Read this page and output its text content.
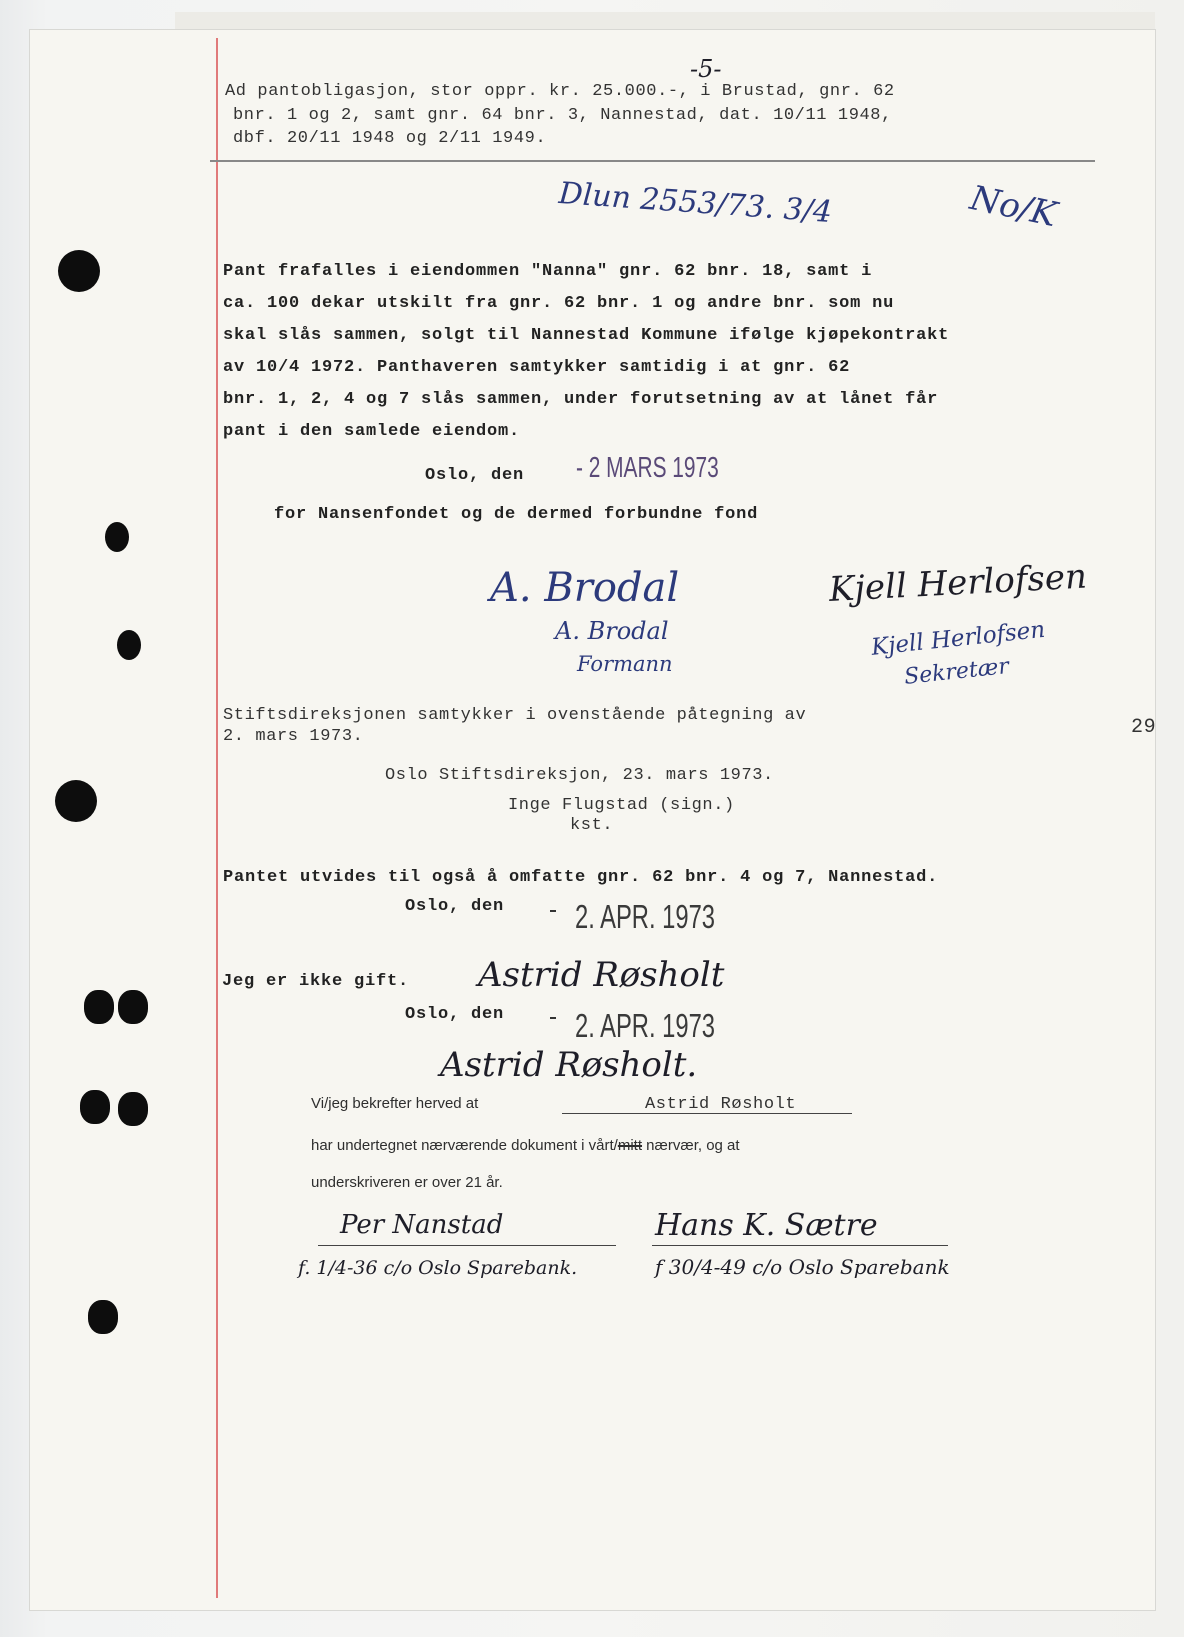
-5-
Ad pantobligasjon, stor oppr. kr. 25.000.-, i Brustad, gnr. 62
bnr. 1 og 2, samt gnr. 64 bnr. 3, Nannestad, dat. 10/11 1948,
dbf. 20/11 1948 og 2/11 1949.
Dlun 2553/73. 3/4	No/K
Pant frafalles i eiendommen "Nanna" gnr. 62 bnr. 18, samt i
ca. 100 dekar utskilt fra gnr. 62 bnr. 1 og andre bnr. som nu
skal slås sammen, solgt til Nannestad Kommune ifølge kjøpekontrakt
av 10/4 1972. Panthaveren samtykker samtidig i at gnr. 62
bnr. 1, 2, 4 og 7 slås sammen, under forutsetning av at lånet får
pant i den samlede eiendom.
Oslo, den - 2 MARS 1973
for Nansenfondet og de dermed forbundne fond
A. Brodal
A. Brodal
Formann
Kjell Herlofsen
Kjell Herlofsen
Sekretær
Stiftsdireksjonen samtykker i ovenstående påtegning av
2. mars 1973.
Oslo Stiftsdireksjon, 23. mars 1973.
Inge Flugstad (sign.)
kst.
29
Pantet utvides til også å omfatte gnr. 62 bnr. 4 og 7, Nannestad.
Oslo, den 2. APR. 1973
Jeg er ikke gift. Astrid Røsholt
Oslo, den 2. APR. 1973
Astrid Røsholt.
Vi/jeg bekrefter herved at	Astrid Røsholt
har undertegnet nærværende dokument i vårt/mitt nærvær, og at
underskriveren er over 21 år.
Per Nanstad
f. 1/4-36 c/o Oslo Sparebank.
Hans K. Sætre
f 30/4-49 c/o Oslo Sparebank
